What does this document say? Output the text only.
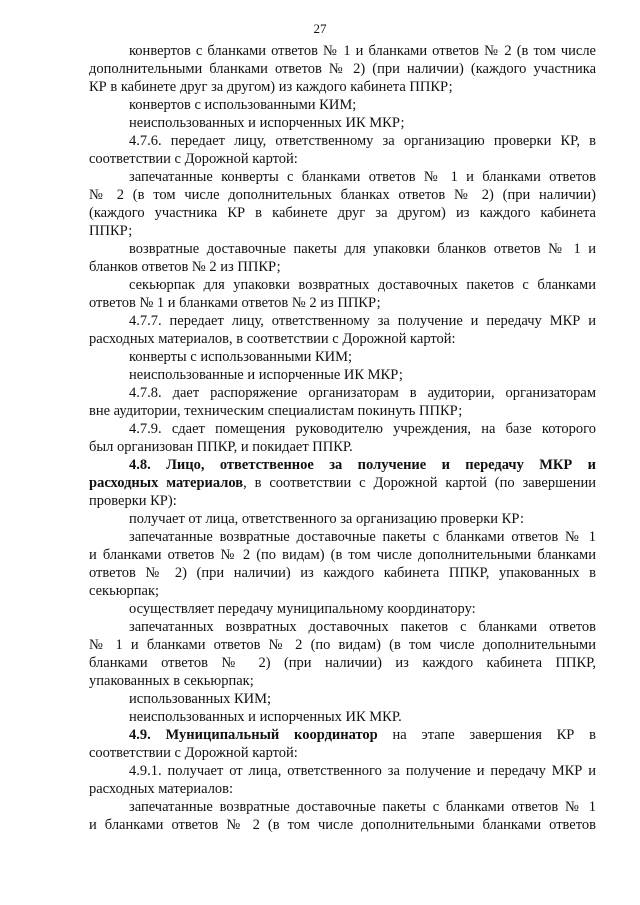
27
конвертов с бланками ответов № 1 и бланками ответов № 2 (в том числе
дополнительными бланками ответов № 2) (при наличии) (каждого участника
КР в кабинете друг за другом) из каждого кабинета ППКР;
конвертов с использованными КИМ;
неиспользованных и испорченных ИК МКР;
4.7.6. передает лицу, ответственному за организацию проверки КР, в
соответствии с Дорожной картой:
запечатанные конверты с бланками ответов № 1 и бланками ответов
№ 2 (в том числе дополнительных бланках ответов № 2) (при наличии)
(каждого участника КР в кабинете друг за другом) из каждого кабинета
ППКР;
возвратные доставочные пакеты для упаковки бланков ответов № 1 и
бланков ответов № 2 из ППКР;
секьюрпак для упаковки возвратных доставочных пакетов с бланками
ответов № 1 и бланками ответов № 2 из ППКР;
4.7.7. передает лицу, ответственному за получение и передачу МКР и
расходных материалов, в соответствии с Дорожной картой:
конверты с использованными КИМ;
неиспользованные и испорченные ИК МКР;
4.7.8. дает распоряжение организаторам в аудитории, организаторам
вне аудитории, техническим специалистам покинуть ППКР;
4.7.9. сдает помещения руководителю учреждения, на базе которого
был организован ППКР, и покидает ППКР.
4.8. Лицо, ответственное за получение и передачу МКР и
расходных материалов, в соответствии с Дорожной картой (по завершении
проверки КР):
получает от лица, ответственного за организацию проверки КР:
запечатанные возвратные доставочные пакеты с бланками ответов № 1
и бланками ответов № 2 (по видам) (в том числе дополнительными бланками
ответов № 2) (при наличии) из каждого кабинета ППКР, упакованных в
секьюрпак;
осуществляет передачу муниципальному координатору:
запечатанных возвратных доставочных пакетов с бланками ответов
№ 1 и бланками ответов № 2 (по видам) (в том числе дополнительными
бланками ответов № 2) (при наличии) из каждого кабинета ППКР,
упакованных в секьюрпак;
использованных КИМ;
неиспользованных и испорченных ИК МКР.
4.9. Муниципальный координатор на этапе завершения КР в
соответствии с Дорожной картой:
4.9.1. получает от лица, ответственного за получение и передачу МКР и
расходных материалов:
запечатанные возвратные доставочные пакеты с бланками ответов № 1
и бланками ответов № 2 (в том числе дополнительными бланками ответов
